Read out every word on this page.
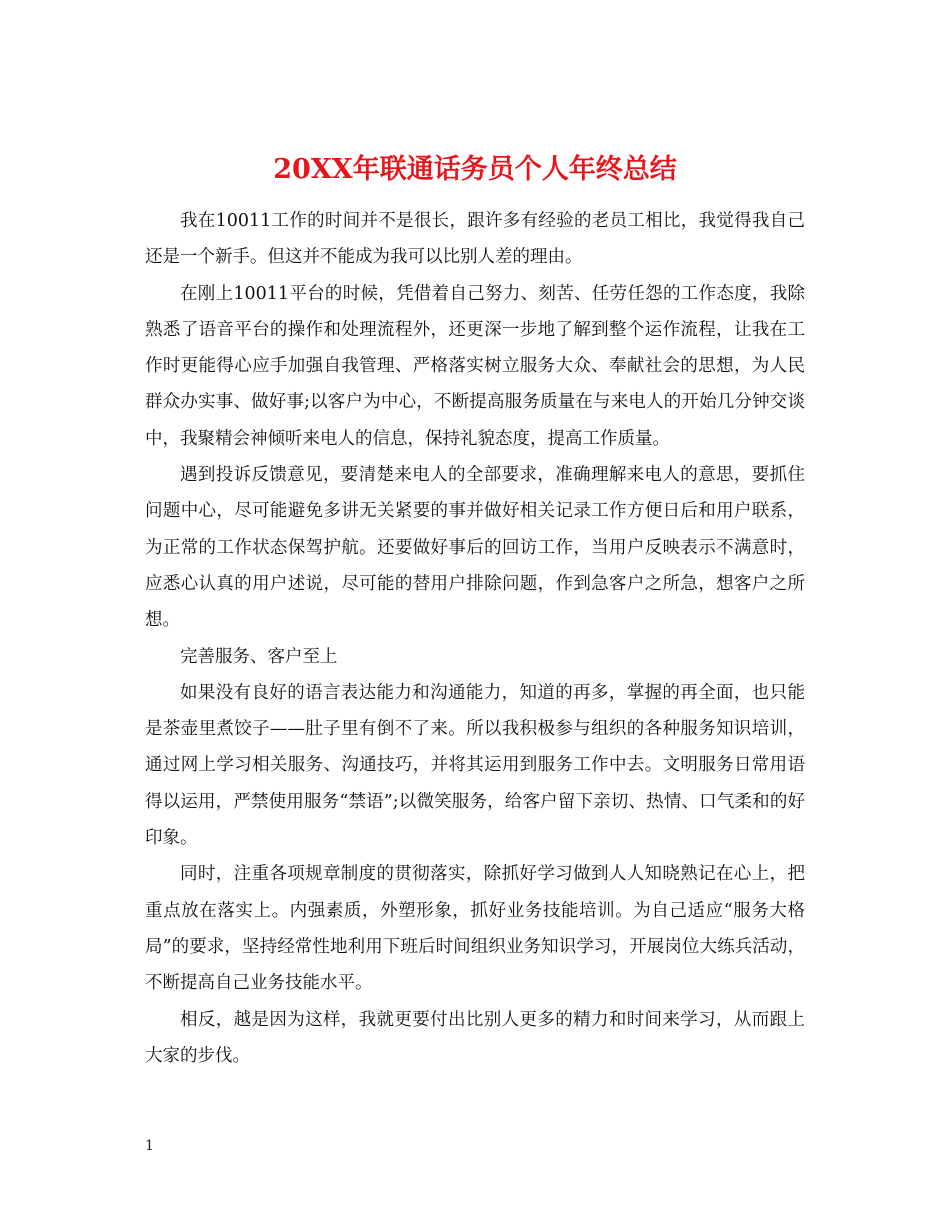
20XX年联通话务员个人年终总结

我在10011工作的时间并不是很长，跟许多有经验的老员工相比，我觉得我自己还是一个新手。但这并不能成为我可以比别人差的理由。

在刚上10011平台的时候，凭借着自己努力、刻苦、任劳任怨的工作态度，我除熟悉了语音平台的操作和处理流程外，还更深一步地了解到整个运作流程，让我在工作时更能得心应手加强自我管理、严格落实树立服务大众、奉献社会的思想，为人民群众办实事、做好事;以客户为中心，不断提高服务质量在与来电人的开始几分钟交谈中，我聚精会神倾听来电人的信息，保持礼貌态度，提高工作质量。

遇到投诉反馈意见，要清楚来电人的全部要求，准确理解来电人的意思，要抓住问题中心，尽可能避免多讲无关紧要的事并做好相关记录工作方便日后和用户联系，为正常的工作状态保驾护航。还要做好事后的回访工作，当用户反映表示不满意时，应悉心认真的用户述说，尽可能的替用户排除问题，作到急客户之所急，想客户之所想。

完善服务、客户至上

如果没有良好的语言表达能力和沟通能力，知道的再多，掌握的再全面，也只能是茶壶里煮饺子——肚子里有倒不了来。所以我积极参与组织的各种服务知识培训，通过网上学习相关服务、沟通技巧，并将其运用到服务工作中去。文明服务日常用语得以运用，严禁使用服务“禁语”;以微笑服务，给客户留下亲切、热情、口气柔和的好印象。

同时，注重各项规章制度的贯彻落实，除抓好学习做到人人知晓熟记在心上，把重点放在落实上。内强素质，外塑形象，抓好业务技能培训。为自己适应“服务大格局”的要求，坚持经常性地利用下班后时间组织业务知识学习，开展岗位大练兵活动，不断提高自己业务技能水平。

相反，越是因为这样，我就更要付出比别人更多的精力和时间来学习，从而跟上大家的步伐。

1
